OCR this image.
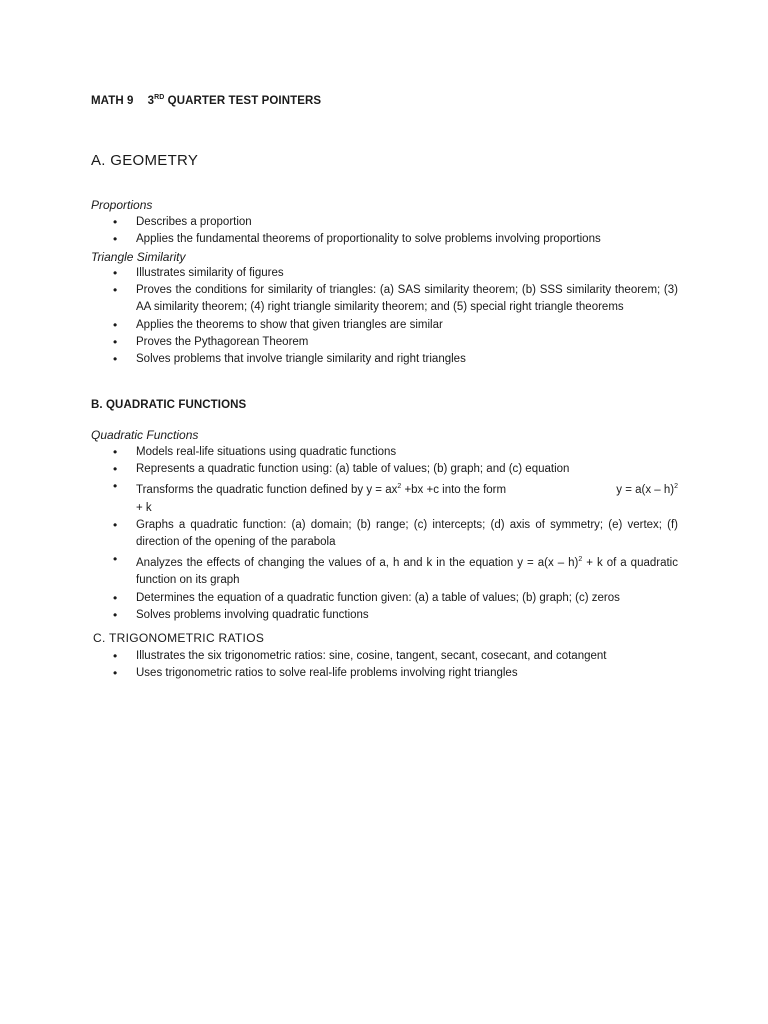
MATH 9 3RD QUARTER TEST POINTERS
A. GEOMETRY
Proportions
• Describes a proportion
• Applies the fundamental theorems of proportionality to solve problems involving proportions
Triangle Similarity
• Illustrates similarity of figures
• Proves the conditions for similarity of triangles: (a) SAS similarity theorem; (b) SSS similarity theorem; (3) AA similarity theorem; (4) right triangle similarity theorem; and (5) special right triangle theorems
• Applies the theorems to show that given triangles are similar
• Proves the Pythagorean Theorem
• Solves problems that involve triangle similarity and right triangles
B. QUADRATIC FUNCTIONS
Quadratic Functions
• Models real-life situations using quadratic functions
• Represents a quadratic function using: (a) table of values; (b) graph; and (c) equation
• Transforms the quadratic function defined by $y = ax^2 +bx +c$ into the form	y = a(x – h)$^2$

+ k
• Graphs a quadratic function: (a) domain; (b) range; (c) intercepts; (d) axis of symmetry; (e) vertex; (f) direction of the opening of the parabola
• Analyzes the effects of changing the values of a, h and k in the equation y = a(x – h)$^2$ + k of a quadratic function on its graph
• Determines the equation of a quadratic function given: (a) a table of values; (b) graph; (c) zeros
• Solves problems involving quadratic functions
C. TRIGONOMETRIC RATIOS
• Illustrates the six trigonometric ratios: sine, cosine, tangent, secant, cosecant, and cotangent
• Uses trigonometric ratios to solve real-life problems involving right triangles
